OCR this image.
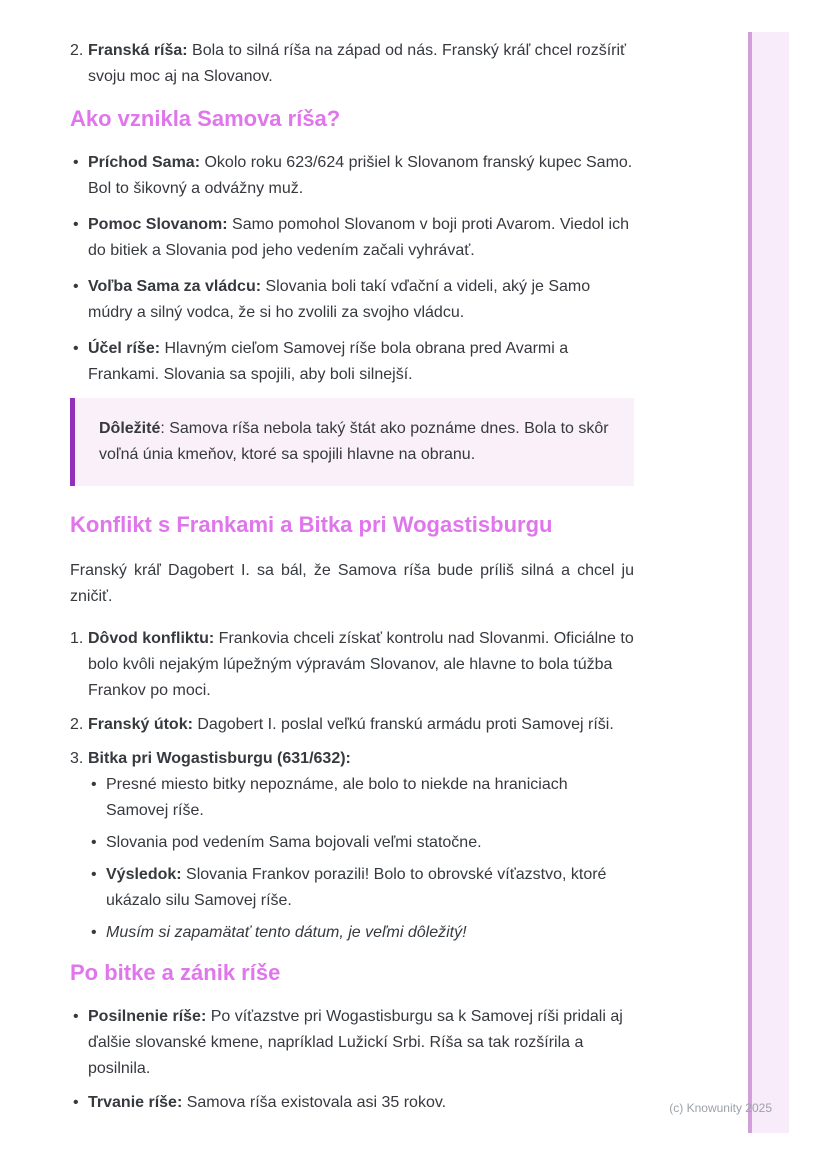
2. Franská ríša: Bola to silná ríša na západ od nás. Franský kráľ chcel rozšíriť svoju moc aj na Slovanov.
Ako vznikla Samova ríša?
• Príchod Sama: Okolo roku 623/624 prišiel k Slovanom franský kupec Samo. Bol to šikovný a odvážny muž.
• Pomoc Slovanom: Samo pomohol Slovanom v boji proti Avarom. Viedol ich do bitiek a Slovania pod jeho vedením začali vyhrávať.
• Voľba Sama za vládcu: Slovania boli takí vďační a videli, aký je Samo múdry a silný vodca, že si ho zvolili za svojho vládcu.
• Účel ríše: Hlavným cieľom Samovej ríše bola obrana pred Avarmi a Frankami. Slovania sa spojili, aby boli silnejší.
Dôležité: Samova ríša nebola taký štát ako poznáme dnes. Bola to skôr voľná únia kmeňov, ktoré sa spojili hlavne na obranu.
Konflikt s Frankami a Bitka pri Wogastisburgu

Franský kráľ Dagobert I. sa bál, že Samova ríša bude príliš silná a chcel ju zničiť.

1. Dôvod konfliktu: Frankovia chceli získať kontrolu nad Slovanmi. Oficiálne to bolo kvôli nejakým lúpežným výpravám Slovanov, ale hlavne to bola túžba Frankov po moci.
2. Franský útok: Dagobert I. poslal veľkú franskú armádu proti Samovej ríši.
3. Bitka pri Wogastisburgu (631/632):
• Presné miesto bitky nepoznáme, ale bolo to niekde na hraniciach Samovej ríše.
• Slovania pod vedením Sama bojovali veľmi statočne.
• Výsledok: Slovania Frankov porazili! Bolo to obrovské víťazstvo, ktoré ukázalo silu Samovej ríše.
• Musím si zapamätať tento dátum, je veľmi dôležitý!
Po bitke a zánik ríše
• Posilnenie ríše: Po víťazstve pri Wogastisburgu sa k Samovej ríši pridali aj ďalšie slovanské kmene, napríklad Lužickí Srbi. Ríša sa tak rozšírila a posilnila.
• Trvanie ríše: Samova ríša existovala asi 35 rokov.	(c) Knowunity 2025
